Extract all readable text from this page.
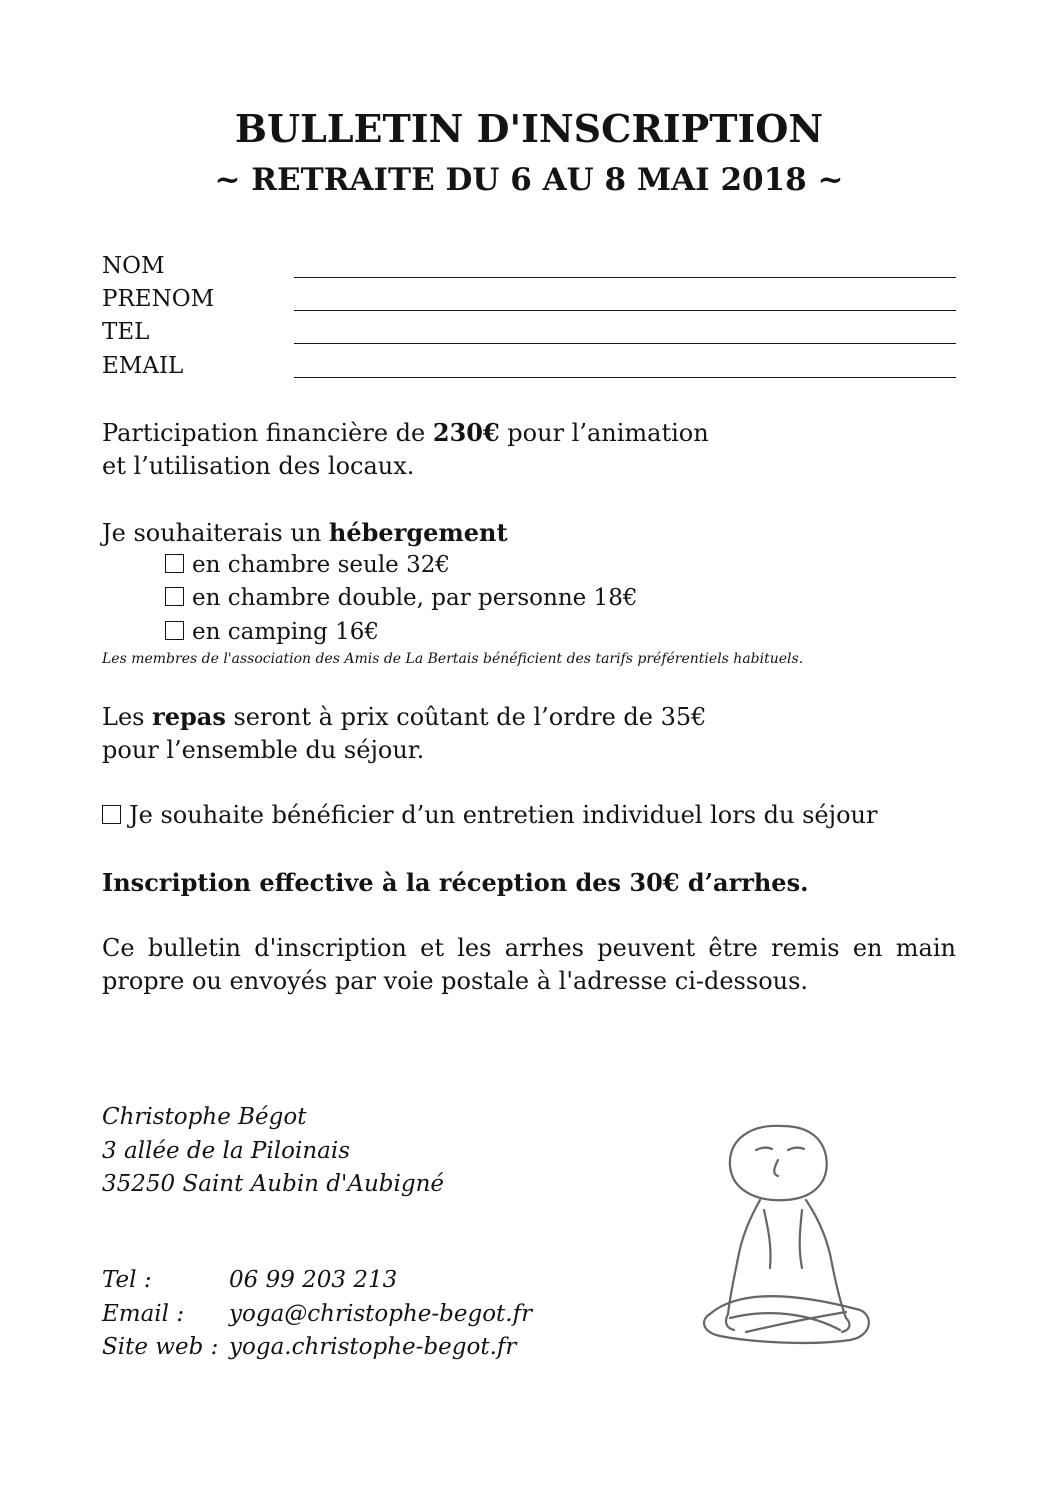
BULLETIN D'INSCRIPTION
~ RETRAITE DU 6 AU 8 MAI 2018 ~
NOM
PRENOM
TEL
EMAIL

Participation financière de 230€ pour l’animation
et l’utilisation des locaux.

Je souhaiterais un hébergement

en chambre seule 32€
en chambre double, par personne 18€
en camping 16€
Les membres de l'association des Amis de La Bertais bénéficient des tarifs préférentiels habituels.

Les repas seront à prix coûtant de l’ordre de 35€
pour l’ensemble du séjour.

Je souhaite bénéficier d’un entretien individuel lors du séjour

Inscription effective à la réception des 30€ d’arrhes.

Ce bulletin d'inscription et les arrhes peuvent être remis en main propre ou envoyés par voie postale à l'adresse ci-dessous.

Christophe Bégot
3 allée de la Piloinais
35250 Saint Aubin d'Aubigné
Tel :	06 99 203 213
Email : yoga@christophe-begot.fr
Site web : yoga.christophe-begot.fr
